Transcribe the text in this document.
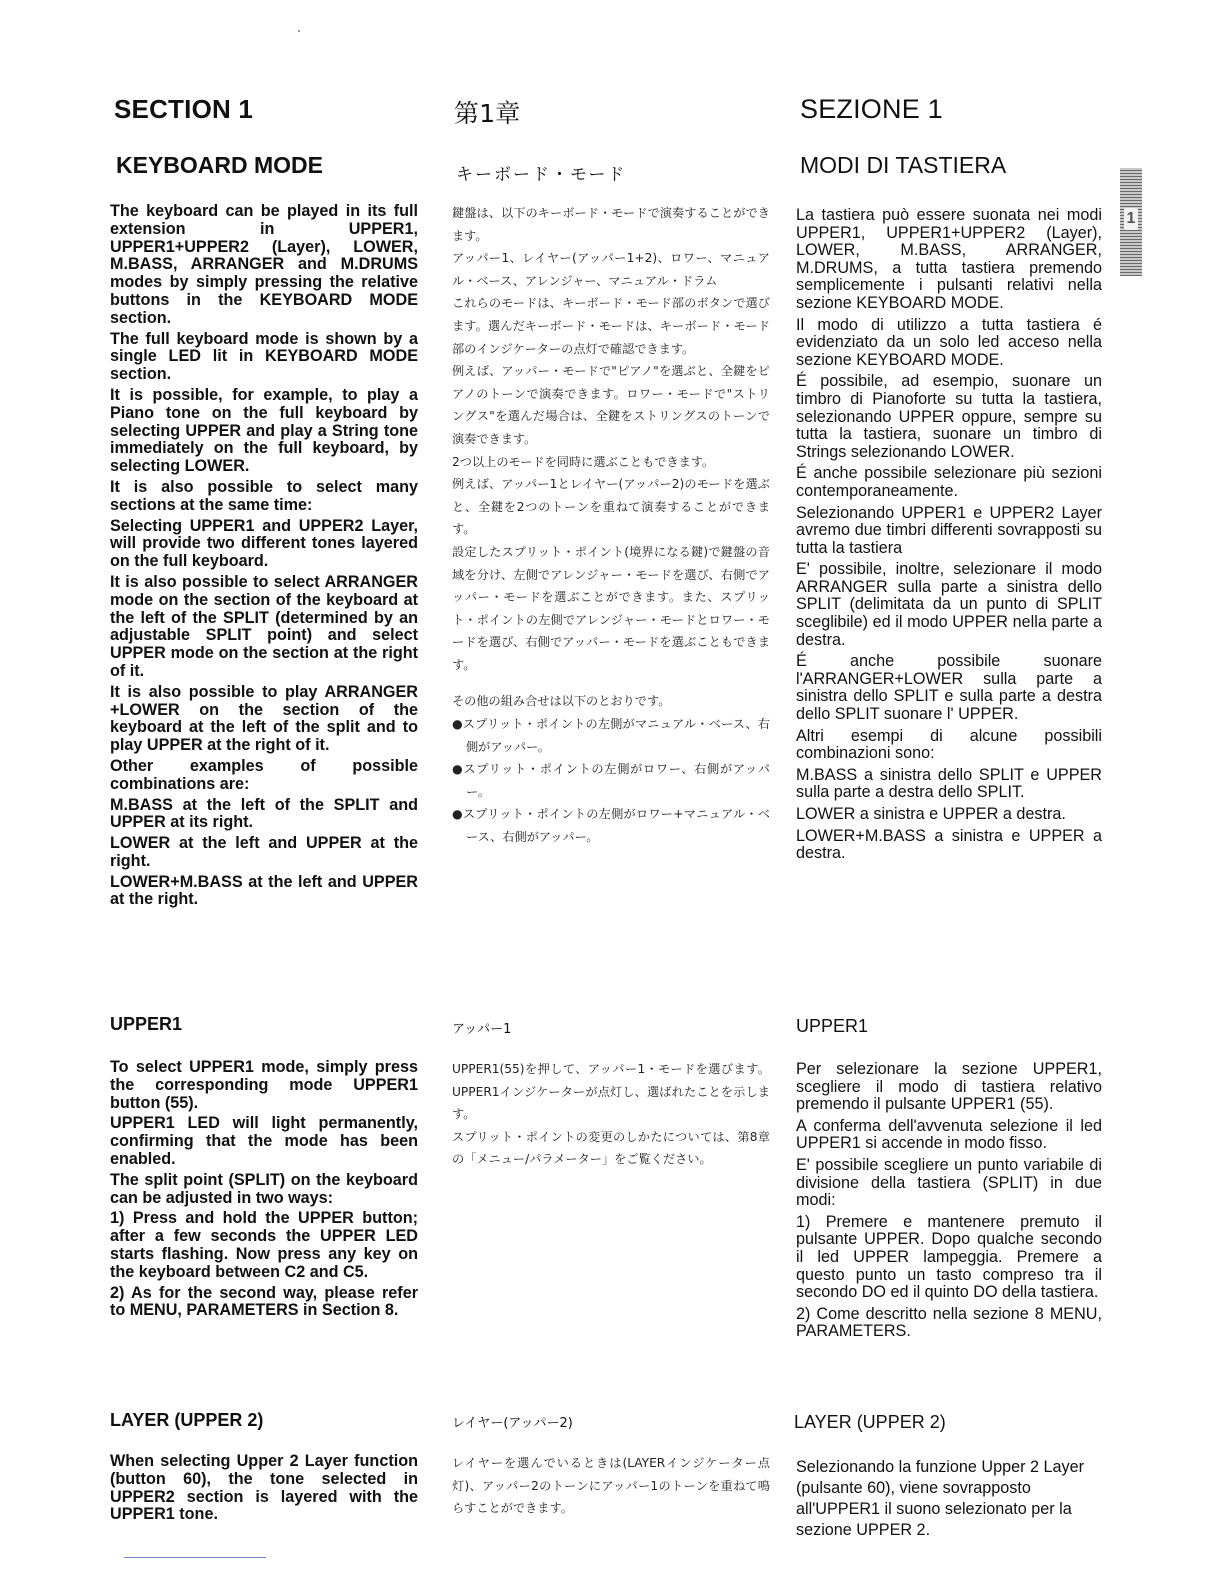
SECTION 1	第1章	SEZIONE 1
KEYBOARD MODE	キーボード・モード	MODI DI TASTIERA
1

The keyboard can be played in its full extension in UPPER1, UPPER1+UPPER2 (Layer), LOWER, M.BASS, ARRANGER and M.DRUMS modes by simply pressing the relative buttons in the KEYBOARD MODE section.

The full keyboard mode is shown by a single LED lit in KEYBOARD MODE section.

It is possible, for example, to play a Piano tone on the full keyboard by selecting UPPER and play a String tone immediately on the full keyboard, by selecting LOWER.

It is also possible to select many sections at the same time:

Selecting UPPER1 and UPPER2 Layer, will provide two different tones layered on the full keyboard.

It is also possible to select ARRANGER mode on the section of the keyboard at the left of the SPLIT (determined by an adjustable SPLIT point) and select UPPER mode on the section at the right of it.

It is also possible to play ARRANGER +LOWER on the section of the keyboard at the left of the split and to play UPPER at the right of it.

Other examples of possible combinations are:

M.BASS at the left of the SPLIT and UPPER at its right.

LOWER at the left and UPPER at the right.

LOWER+M.BASS at the left and UPPER at the right.

鍵盤は、以下のキーボード・モードで演奏することができます。

アッパー1、レイヤー(アッパー1+2)、ロワー、マニュアル・ベース、アレンジャー、マニュアル・ドラム

これらのモードは、キーボード・モード部のボタンで選びます。選んだキーボード・モードは、キーボード・モード部のインジケーターの点灯で確認できます。

例えば、アッパー・モードで"ピアノ"を選ぶと、全鍵をピアノのトーンで演奏できます。ロワー・モードで"ストリングス"を選んだ場合は、全鍵をストリングスのトーンで演奏できます。

2つ以上のモードを同時に選ぶこともできます。

例えば、アッパー1とレイヤー(アッパー2)のモードを選ぶと、全鍵を2つのトーンを重ねて演奏することができます。

設定したスプリット・ポイント(境界になる鍵)で鍵盤の音域を分け、左側でアレンジャー・モードを選び、右側でアッパー・モードを選ぶことができます。また、スプリット・ポイントの左側でアレンジャー・モードとロワー・モードを選び、右側でアッパー・モードを選ぶこともできます。

その他の組み合せは以下のとおりです。

●スプリット・ポイントの左側がマニュアル・ベース、右側がアッパー。

●スプリット・ポイントの左側がロワー、右側がアッパー。

●スプリット・ポイントの左側がロワー+マニュアル・ベース、右側がアッパー。

La tastiera può essere suonata nei modi UPPER1, UPPER1+UPPER2 (Layer), LOWER, M.BASS, ARRANGER, M.DRUMS, a tutta tastiera premendo semplicemente i pulsanti relativi nella sezione KEYBOARD MODE.

Il modo di utilizzo a tutta tastiera é evidenziato da un solo led acceso nella sezione KEYBOARD MODE.

É possibile, ad esempio, suonare un timbro di Pianoforte su tutta la tastiera, selezionando UPPER oppure, sempre su tutta la tastiera, suonare un timbro di Strings selezionando LOWER.

É anche possibile selezionare più sezioni contemporaneamente.

Selezionando UPPER1 e UPPER2 Layer avremo due timbri differenti sovrapposti su tutta la tastiera

E' possibile, inoltre, selezionare il modo ARRANGER sulla parte a sinistra dello SPLIT (delimitata da un punto di SPLIT sceglibile) ed il modo UPPER nella parte a destra.

É anche possibile suonare l'ARRANGER+LOWER sulla parte a sinistra dello SPLIT e sulla parte a destra dello SPLIT suonare l' UPPER.

Altri esempi di alcune possibili combinazioni sono:

M.BASS a sinistra dello SPLIT e UPPER sulla parte a destra dello SPLIT.

LOWER a sinistra e UPPER a destra.

LOWER+M.BASS a sinistra e UPPER a destra.

UPPER1	アッパー1	UPPER1

To select UPPER1 mode, simply press the corresponding mode UPPER1 button (55).

UPPER1 LED will light permanently, confirming that the mode has been enabled.

The split point (SPLIT) on the keyboard can be adjusted in two ways:

1) Press and hold the UPPER button; after a few seconds the UPPER LED starts flashing. Now press any key on the keyboard between C2 and C5.

2) As for the second way, please refer to MENU, PARAMETERS in Section 8.

UPPER1(55)を押して、アッパー1・モードを選びます。UPPER1インジケーターが点灯し、選ばれたことを示します。

スプリット・ポイントの変更のしかたについては、第8章の「メニュー/パラメーター」をご覧ください。

Per selezionare la sezione UPPER1, scegliere il modo di tastiera relativo premendo il pulsante UPPER1 (55).

A conferma dell'avvenuta selezione il led UPPER1 si accende in modo fisso.

E' possibile scegliere un punto variabile di divisione della tastiera (SPLIT) in due modi:

1) Premere e mantenere premuto il pulsante UPPER. Dopo qualche secondo il led UPPER lampeggia. Premere a questo punto un tasto compreso tra il secondo DO ed il quinto DO della tastiera.

2) Come descritto nella sezione 8 MENU, PARAMETERS.

LAYER (UPPER 2)	レイヤー(アッパー2)	LAYER (UPPER 2)

When selecting Upper 2 Layer function (button 60), the tone selected in UPPER2 section is layered with the UPPER1 tone.

レイヤーを選んでいるときは(LAYERインジケーター点灯)、アッパー2のトーンにアッパー1のトーンを重ねて鳴らすことができます。

Selezionando la funzione Upper 2 Layer (pulsante 60), viene sovrapposto all'UPPER1 il suono selezionato per la sezione UPPER 2.
